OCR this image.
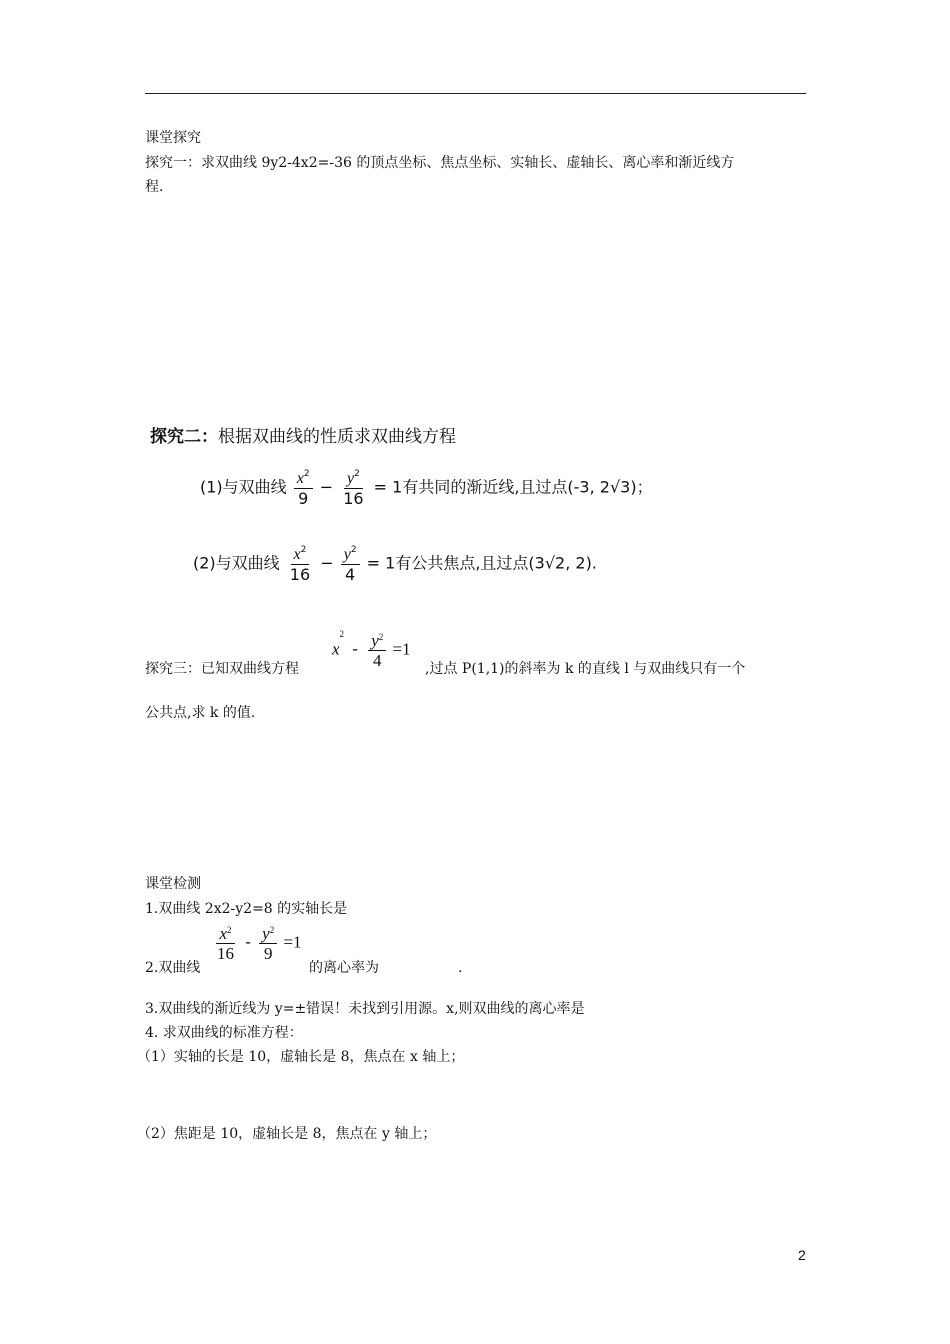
课堂探究
探究一：求双曲线 9y2-4x2=-36 的顶点坐标、焦点坐标、实轴长、虚轴长、离心率和渐近线方
程.
探究二：根据双曲线的性质求双曲线方程
(1)与双曲线 $\frac{x^2}{9} - \frac{y^2}{16} = 1$有共同的渐近线,且过点(-3, 2√3)；
(2)与双曲线 $\frac{x^2}{16} - \frac{y^2}{4} = 1$有公共焦点,且过点(3√2, 2).
$x^2 - \frac{y^2}{4} =1$
探究三：已知双曲线方程	,过点 P(1,1)的斜率为 k 的直线 l 与双曲线只有一个
公共点,求 k 的值.
课堂检测
1.双曲线 2x2-y2=8 的实轴长是
$\frac{x^2}{16} - \frac{y^2}{9} =1$
2.双曲线	的离心率为	.
3.双曲线的渐近线为 y=±错误！未找到引用源。x,则双曲线的离心率是
4. 求双曲线的标准方程：
（1）实轴的长是 10，虚轴长是 8，焦点在 x 轴上；
（2）焦距是 10，虚轴长是 8，焦点在 y 轴上；
2
